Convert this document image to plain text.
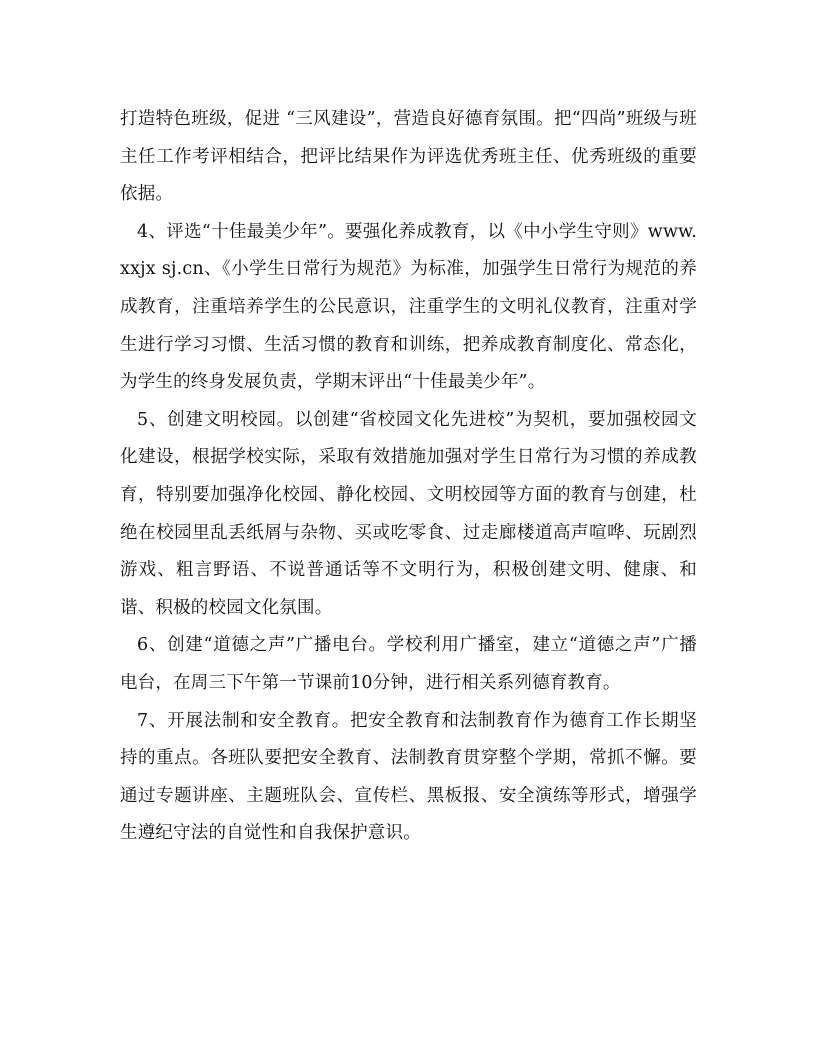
打造特色班级，促进 “三风建设”，营造良好德育氛围。把“四尚”班级与班主任工作考评相结合，把评比结果作为评选优秀班主任、优秀班级的重要依据。

4、评选“十佳最美少年”。要强化养成教育，以《中小学生守则》www.xxjx sj.cn、《小学生日常行为规范》为标准，加强学生日常行为规范的养成教育，注重培养学生的公民意识，注重学生的文明礼仪教育，注重对学生进行学习习惯、生活习惯的教育和训练，把养成教育制度化、常态化，为学生的终身发展负责，学期末评出“十佳最美少年”。

5、创建文明校园。以创建“省校园文化先进校”为契机，要加强校园文化建设，根据学校实际，采取有效措施加强对学生日常行为习惯的养成教育，特别要加强净化校园、静化校园、文明校园等方面的教育与创建，杜绝在校园里乱丢纸屑与杂物、买或吃零食、过走廊楼道高声喧哗、玩剧烈游戏、粗言野语、不说普通话等不文明行为，积极创建文明、健康、和谐、积极的校园文化氛围。

6、创建“道德之声”广播电台。学校利用广播室，建立“道德之声”广播电台，在周三下午第一节课前10分钟，进行相关系列德育教育。

7、开展法制和安全教育。把安全教育和法制教育作为德育工作长期坚持的重点。各班队要把安全教育、法制教育贯穿整个学期，常抓不懈。要通过专题讲座、主题班队会、宣传栏、黑板报、安全演练等形式，增强学生遵纪守法的自觉性和自我保护意识。
